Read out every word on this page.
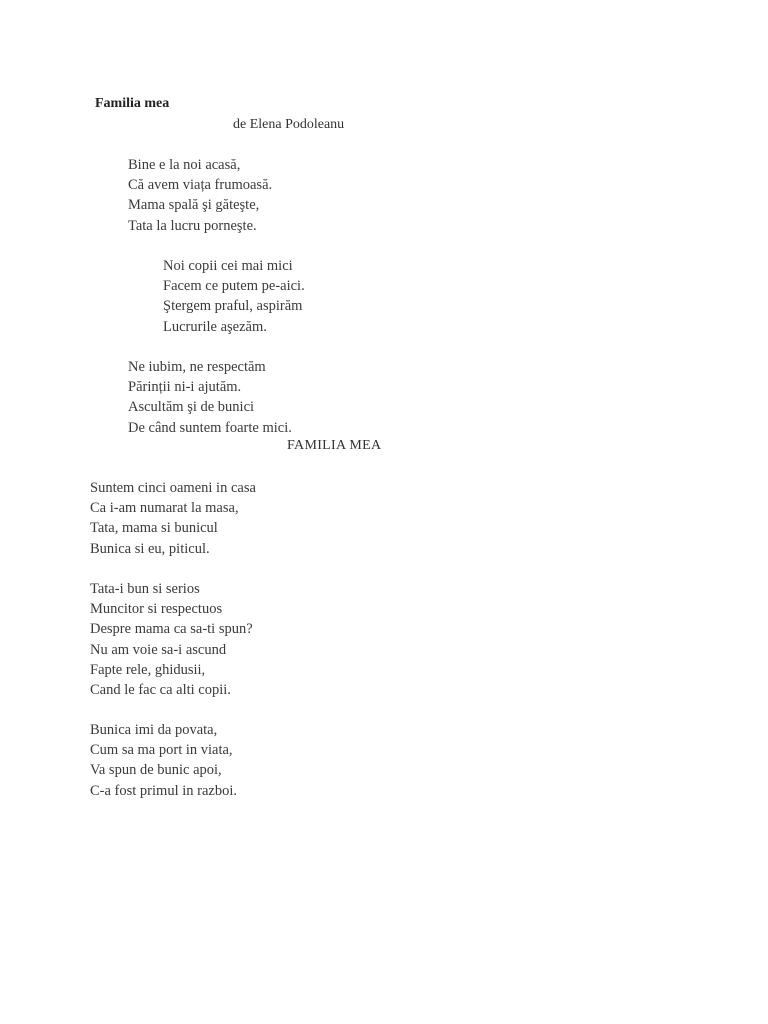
Familia mea
de Elena Podoleanu
Bine e la noi acasă,
Că avem viața frumoasă.
Mama spală şi găteşte,
Tata la lucru porneşte.
Noi copii cei mai mici
Facem ce putem pe-aici.
Ştergem praful, aspirăm
Lucrurile aşezăm.
Ne iubim, ne respectăm
Părinții ni-i ajutăm.
Ascultăm şi de bunici
De când suntem foarte mici.
FAMILIA MEA
Suntem cinci oameni in casa
Ca i-am numarat la masa,
Tata, mama si bunicul
Bunica si eu, piticul.
Tata-i bun si serios
Muncitor si respectuos
Despre mama ca sa-ti spun?
Nu am voie sa-i ascund
Fapte rele, ghidusii,
Cand le fac ca alti copii.
Bunica imi da povata,
Cum sa ma port in viata,
Va spun de bunic apoi,
C-a fost primul in razboi.
